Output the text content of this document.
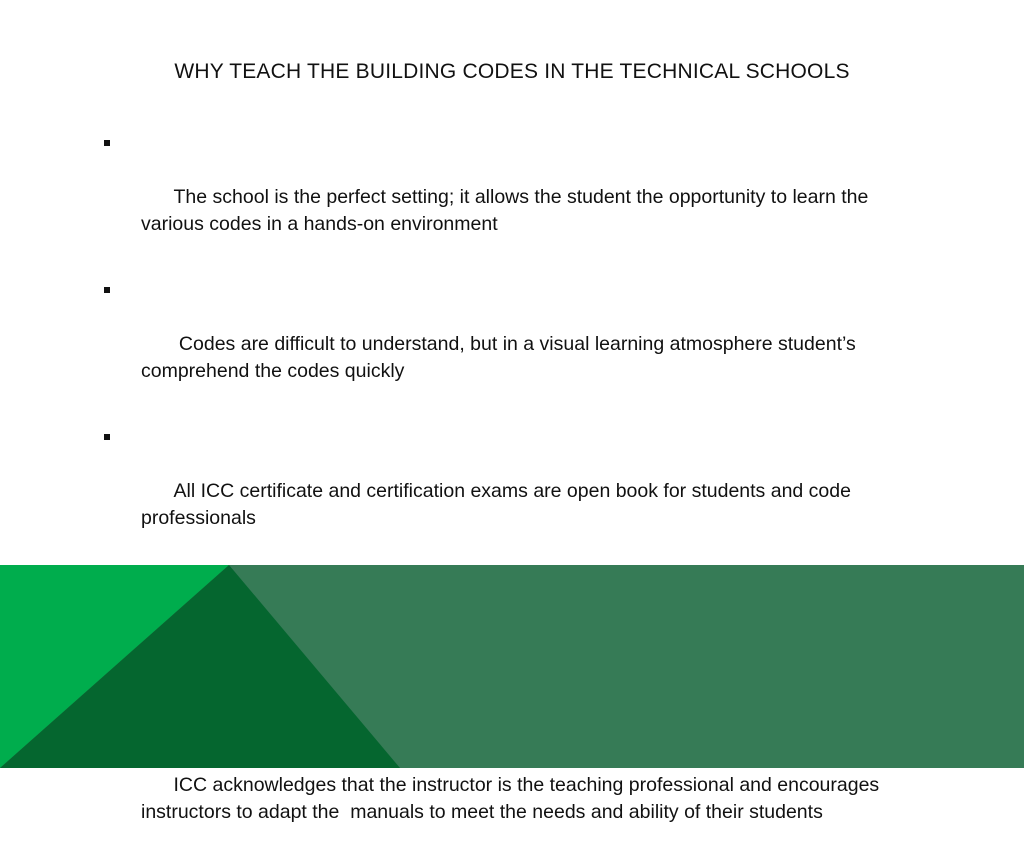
WHY TEACH THE BUILDING CODES IN THE TECHNICAL SCHOOLS

The school is the perfect setting; it allows the student the opportunity to learn the various codes in a hands-on environment

Codes are difficult to understand, but in a visual learning atmosphere student’s comprehend the codes quickly

All ICC certificate and certification exams are open book for students and code professionals

ICC acknowledges that the instructor is the teaching professional and encourages instructors to adapt the  manuals to meet the needs and ability of their students
